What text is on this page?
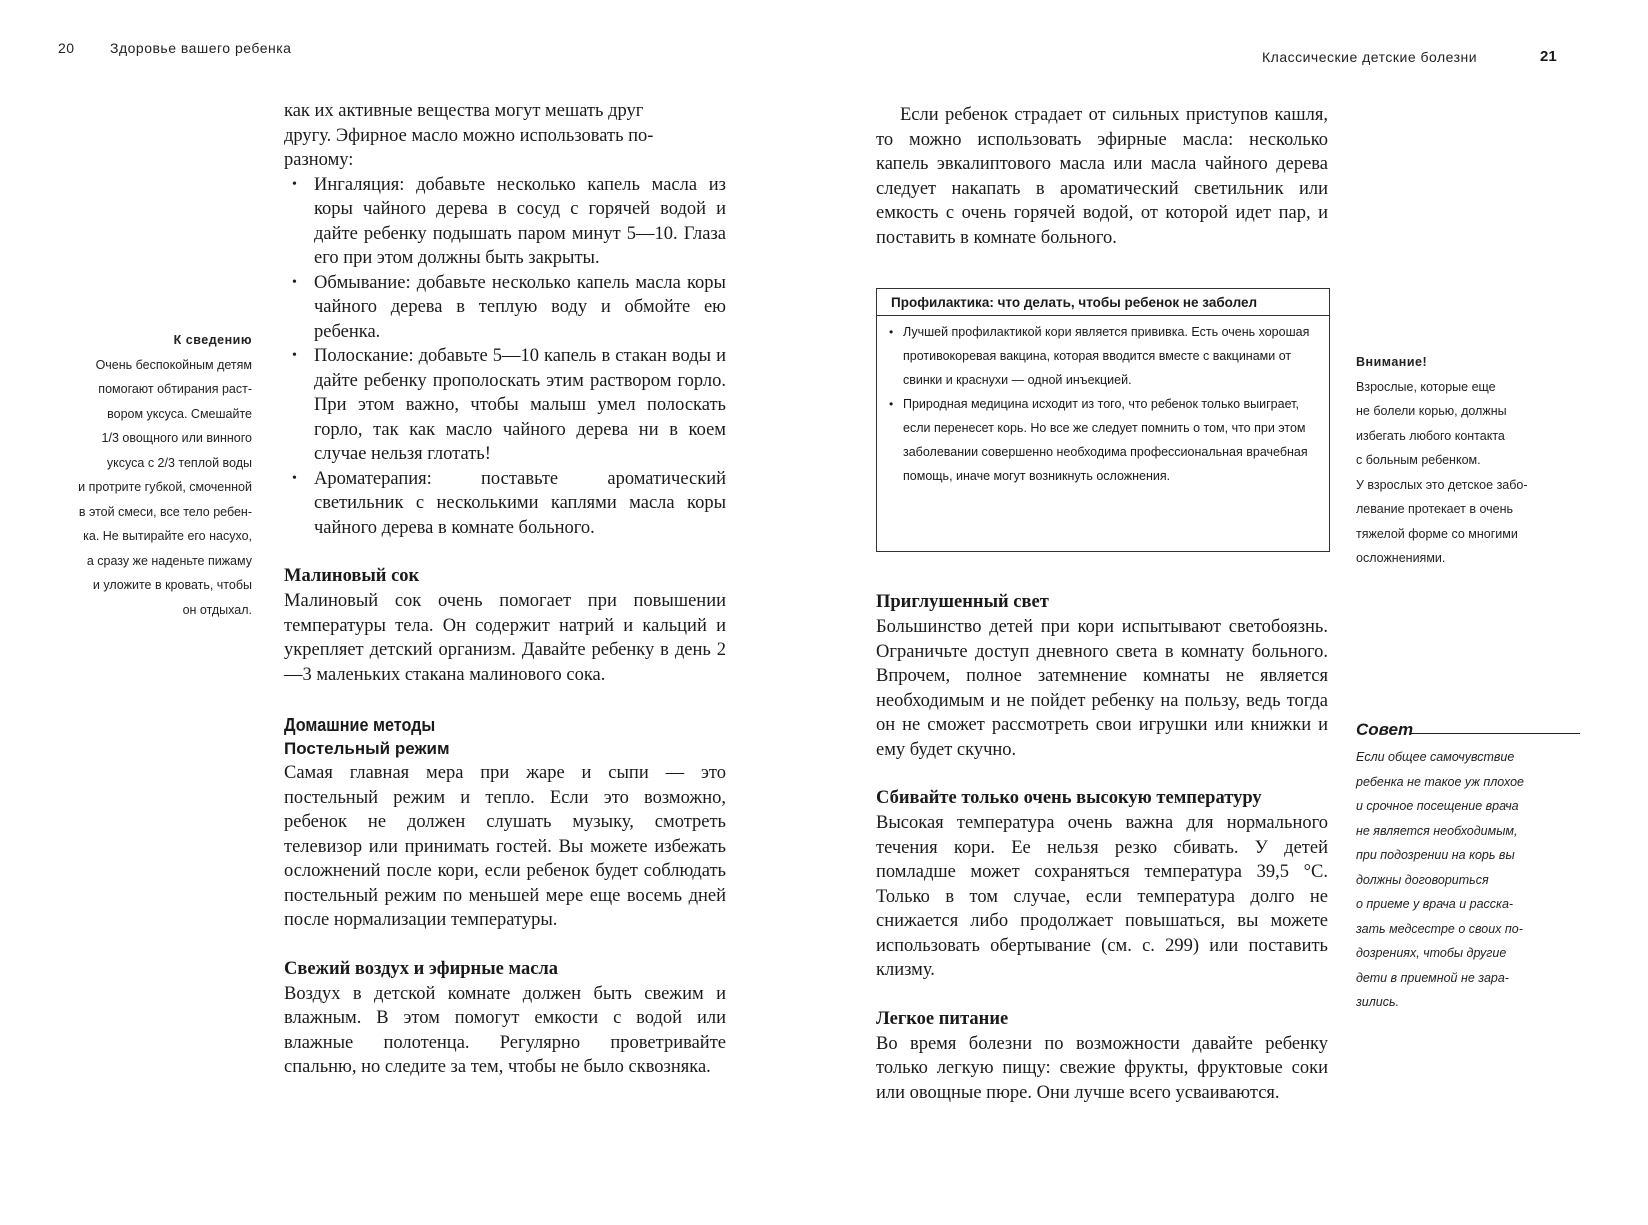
20	Здоровье вашего ребенка
К сведению
Очень беспокойным детям
помогают обтирания раст-
вором уксуса. Смешайте
1/3 овощного или винного
уксуса с 2/3 теплой воды
и протрите губкой, смоченной
в этой смеси, все тело ребен-
ка. Не вытирайте его насухо,
а сразу же наденьте пижаму
и уложите в кровать, чтобы
он отдыхал.
как их активные вещества могут мешать друг
другу. Эфирное масло можно использовать по-
разному:
• Ингаляция: добавьте несколько капель масла из коры чайного дерева в сосуд с горячей водой и дайте ребенку подышать паром минут 5—10. Глаза его при этом должны быть закрыты.
• Обмывание: добавьте несколько капель масла коры чайного дерева в теплую воду и обмойте ею ребенка.
• Полоскание: добавьте 5—10 капель в стакан воды и дайте ребенку прополоскать этим раствором горло. При этом важно, чтобы малыш умел полоскать горло, так как масло чайного дерева ни в коем случае нельзя глотать!
• Ароматерапия: поставьте ароматический светильник с несколькими каплями масла коры чайного дерева в комнате больного.

Малиновый сок

Малиновый сок очень помогает при повышении температуры тела. Он содержит натрий и кальций и укрепляет детский организм. Давайте ребенку в день 2—3 маленьких стакана малинового сока.

Домашние методы

Постельный режим

Самая главная мера при жаре и сыпи — это постельный режим и тепло. Если это возможно, ребенок не должен слушать музыку, смотреть телевизор или принимать гостей. Вы можете избежать осложнений после кори, если ребенок будет соблюдать постельный режим по меньшей мере еще восемь дней после нормализации температуры.

Свежий воздух и эфирные масла

Воздух в детской комнате должен быть свежим и влажным. В этом помогут емкости с водой или влажные полотенца. Регулярно проветривайте спальню, но следите за тем, чтобы не было сквозняка.

Классические детские болезни	21

Если ребенок страдает от сильных приступов кашля, то можно использовать эфирные масла: несколько капель эвкалиптового масла или масла чайного дерева следует накапать в ароматический светильник или емкость с очень горячей водой, от которой идет пар, и поставить в комнате больного.

Профилактика: что делать, чтобы ребенок не заболел

• Лучшей профилактикой кори является прививка. Есть очень хорошая противокоревая вакцина, которая вводится вместе с вакцинами от свинки и краснухи — одной инъекцией.

• Природная медицина исходит из того, что ребенок только выиграет, если перенесет корь. Но все же следует помнить о том, что при этом заболевании совершенно необходима профессиональная врачебная помощь, иначе могут возникнуть осложнения.

Приглушенный свет

Большинство детей при кори испытывают светобоязнь. Ограничьте доступ дневного света в комнату больного. Впрочем, полное затемнение комнаты не является необходимым и не пойдет ребенку на пользу, ведь тогда он не сможет рассмотреть свои игрушки или книжки и ему будет скучно.

Сбивайте только очень высокую температуру

Высокая температура очень важна для нормального течения кори. Ее нельзя резко сбивать. У детей помладше может сохраняться температура 39,5 °С. Только в том случае, если температура долго не снижается либо продолжает повышаться, вы можете использовать обертывание (см. с. 299) или поставить клизму.

Легкое питание

Во время болезни по возможности давайте ребенку только легкую пищу: свежие фрукты, фруктовые соки или овощные пюре. Они лучше всего усваиваются.

Внимание!
Взрослые, которые еще
не болели корью, должны
избегать любого контакта
с больным ребенком.
У взрослых это детское забо-
левание протекает в очень
тяжелой форме со многими
осложнениями.
Совет
Если общее самочувствие
ребенка не такое уж плохое
и срочное посещение врача
не является необходимым,
при подозрении на корь вы
должны договориться
о приеме у врача и расска-
зать медсестре о своих по-
дозрениях, чтобы другие
дети в приемной не зара-
зились.
